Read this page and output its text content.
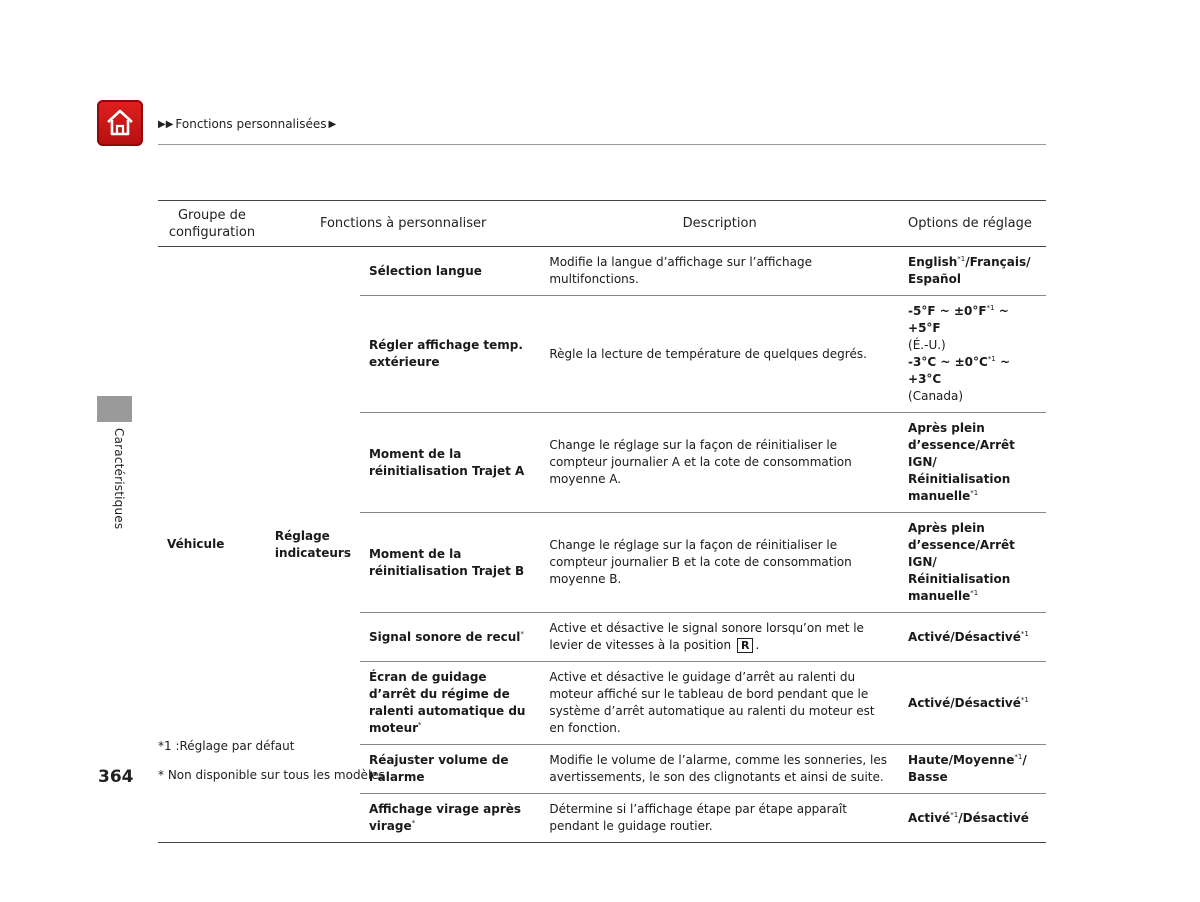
▶▶ Fonctions personnalisées ▶
Caractéristiques
Groupe de configuration	Fonctions à personnaliser		Description	Options de réglage
Véhicule	Réglage indicateurs	Sélection langue	Modifie la langue d’affichage sur l’affichage multifonctions.	English$^{*1}$/Français/ Español
		Régler affichage temp. extérieure	Règle la lecture de température de quelques degrés.	-5°F ~ $\pm 0^\circ F^{*1}$ ~ +5°F
(É.-U.)
-3°C ~ $\pm 0^\circ C^{*1}$ ~ +3°C
(Canada)
		Moment de la réinitialisation Trajet A	Change le réglage sur la façon de réinitialiser le compteur journalier A et la cote de consommation moyenne A.	Après plein d’essence/Arrêt IGN/ Réinitialisation manuelle$^{*1}$
		Moment de la réinitialisation Trajet B	Change le réglage sur la façon de réinitialiser le compteur journalier B et la cote de consommation moyenne B.	Après plein d’essence/Arrêt IGN/ Réinitialisation manuelle$^{*1}$
		Signal sonore de recul*	Active et désactive le signal sonore lorsqu’on met le levier de vitesses à la position R .	Activé/Désactivé$^{*1}$
		Écran de guidage d’arrêt du régime de ralenti automatique du moteur*	Active et désactive le guidage d’arrêt au ralenti du moteur affiché sur le tableau de bord pendant que le système d’arrêt automatique au ralenti du moteur est en fonction.	Activé/Désactivé$^{*1}$
		Réajuster volume de l’alarme	Modifie le volume de l’alarme, comme les sonneries, les avertissements, le son des clignotants et ainsi de suite.	Haute/Moyenne$^{*1}$/ Basse
		Affichage virage après virage*	Détermine si l’affichage étape par étape apparaît pendant le guidage routier.	Activé$^{*1}$/Désactivé
*1 :Réglage par défaut
364 * Non disponible sur tous les modèles
